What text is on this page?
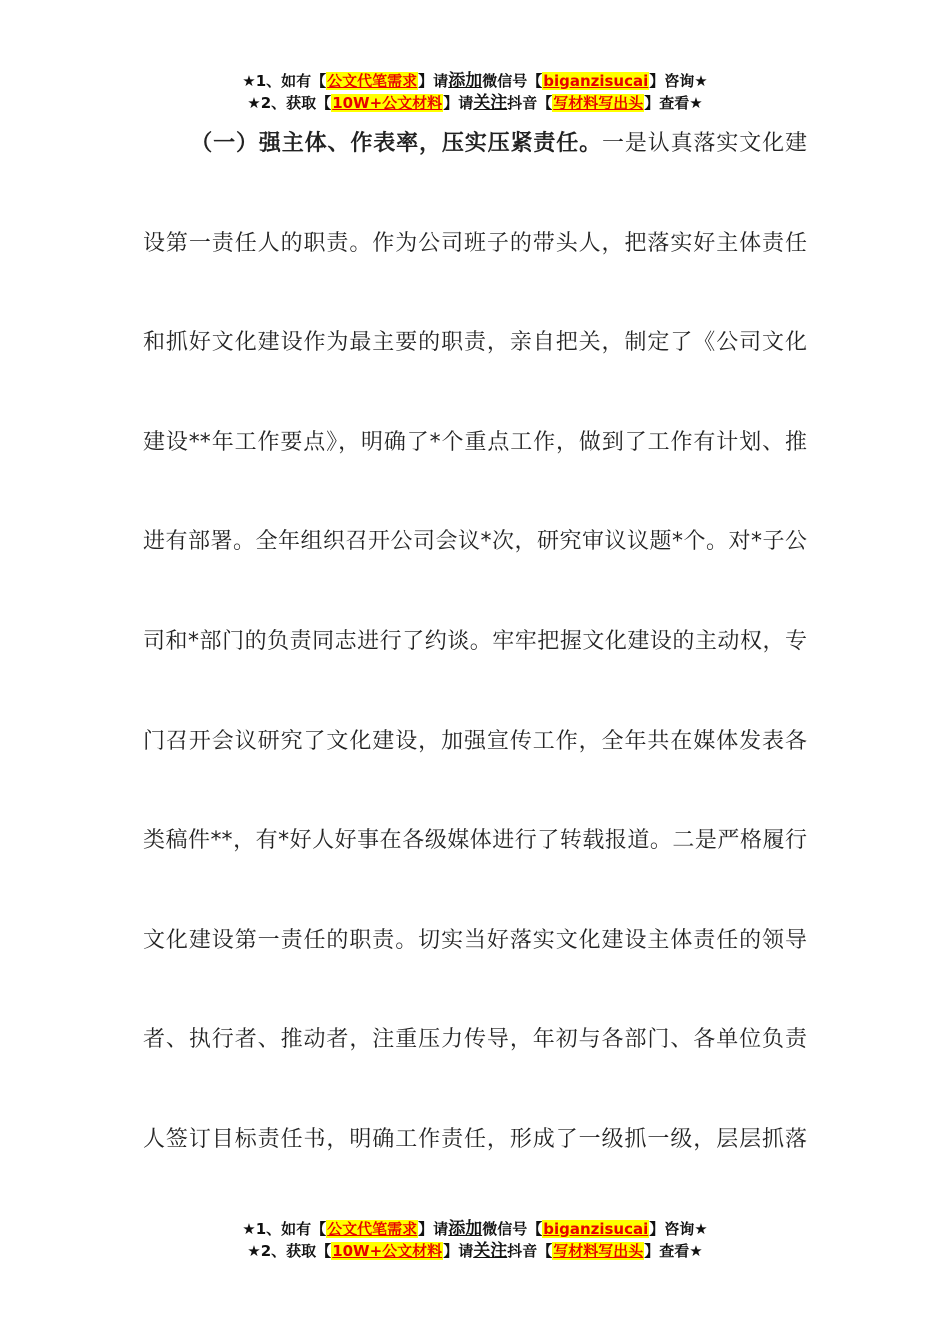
★1、如有【公文代笔需求】请添加微信号【biganzisucai】咨询★
★2、获取【10W+公文材料】请关注抖音【写材料写出头】查看★
（一）强主体、作表率，压实压紧责任。一是认真落实文化建
设第一责任人的职责。作为公司班子的带头人，把落实好主体责任
和抓好文化建设作为最主要的职责，亲自把关，制定了《公司文化
建设**年工作要点》，明确了*个重点工作，做到了工作有计划、推
进有部署。全年组织召开公司会议*次，研究审议议题*个。对*子公
司和*部门的负责同志进行了约谈。牢牢把握文化建设的主动权，专
门召开会议研究了文化建设，加强宣传工作，全年共在媒体发表各
类稿件**，有*好人好事在各级媒体进行了转载报道。二是严格履行
文化建设第一责任的职责。切实当好落实文化建设主体责任的领导
者、执行者、推动者，注重压力传导，年初与各部门、各单位负责
人签订目标责任书，明确工作责任，形成了一级抓一级，层层抓落
★1、如有【公文代笔需求】请添加微信号【biganzisucai】咨询★
★2、获取【10W+公文材料】请关注抖音【写材料写出头】查看★
